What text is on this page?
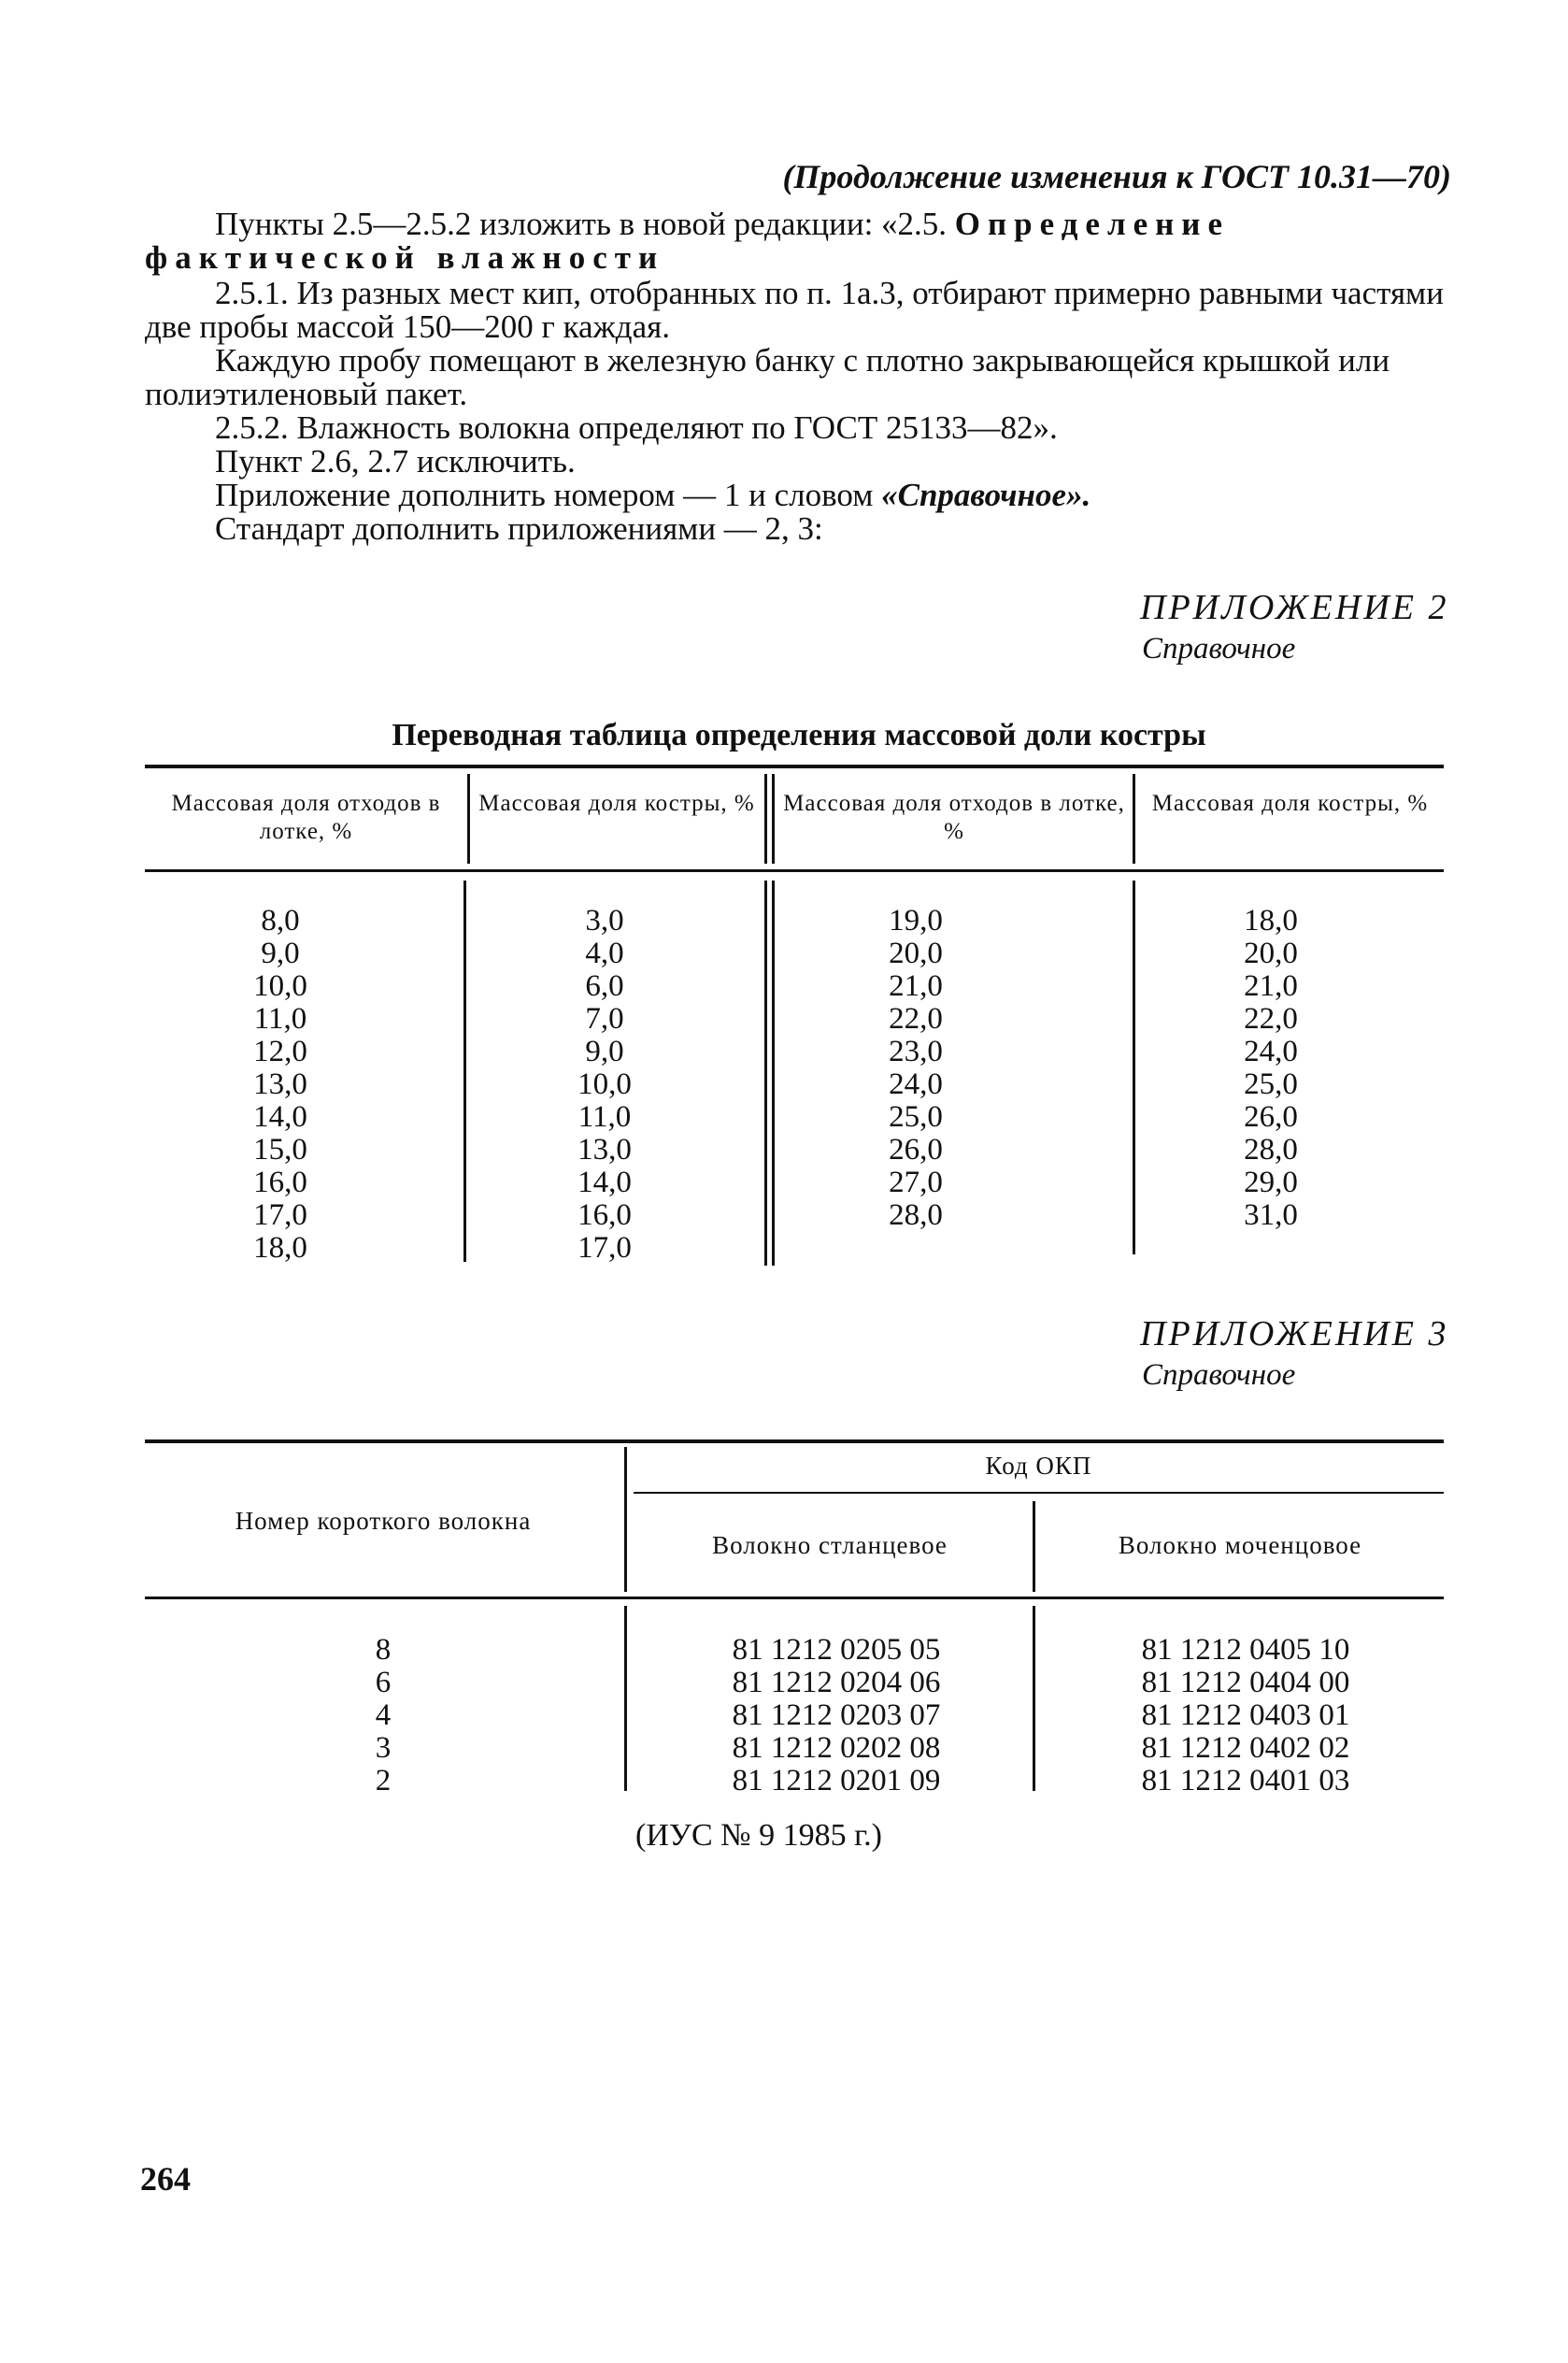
(Продолжение изменения к ГОСТ 10.31—70)
Пункты 2.5—2.5.2 изложить в новой редакции: «2.5. Определение
фактической влажности
2.5.1. Из разных мест кип, отобранных по п. 1а.3, отбирают примерно равными частями две пробы массой 150—200 г каждая.
Каждую пробу помещают в железную банку с плотно закрывающейся крышкой или полиэтиленовый пакет.
2.5.2. Влажность волокна определяют по ГОСТ 25133—82».
Пункт 2.6, 2.7 исключить.
Приложение дополнить номером — 1 и словом «Справочное».
Стандарт дополнить приложениями — 2, 3:
ПРИЛОЖЕНИЕ 2
Справочное
Переводная таблица определения массовой доли костры
Массовая доля отходов в лотке, %
Массовая доля костры, % Массовая доля отходов в лотке, %
Массовая доля костры, %
8,0
9,0
10,0
11,0
12,0
13,0
14,0
15,0
16,0
17,0
18,0
3,0
4,0
6,0
7,0
9,0
10,0
11,0
13,0
14,0
16,0
17,0
19,0
20,0
21,0
22,0
23,0
24,0
25,0
26,0
27,0
28,0
18,0
20,0
21,0
22,0
24,0
25,0
26,0
28,0
29,0
31,0
ПРИЛОЖЕНИЕ 3
Справочное
Номер короткого волокна
Код ОКП
Волокно стланцевое	Волокно моченцовое
8
6
4
3
2
81 1212 0205 05
81 1212 0204 06
81 1212 0203 07
81 1212 0202 08
81 1212 0201 09
81 1212 0405 10
81 1212 0404 00
81 1212 0403 01
81 1212 0402 02
81 1212 0401 03
(ИУС № 9 1985 г.)
264
